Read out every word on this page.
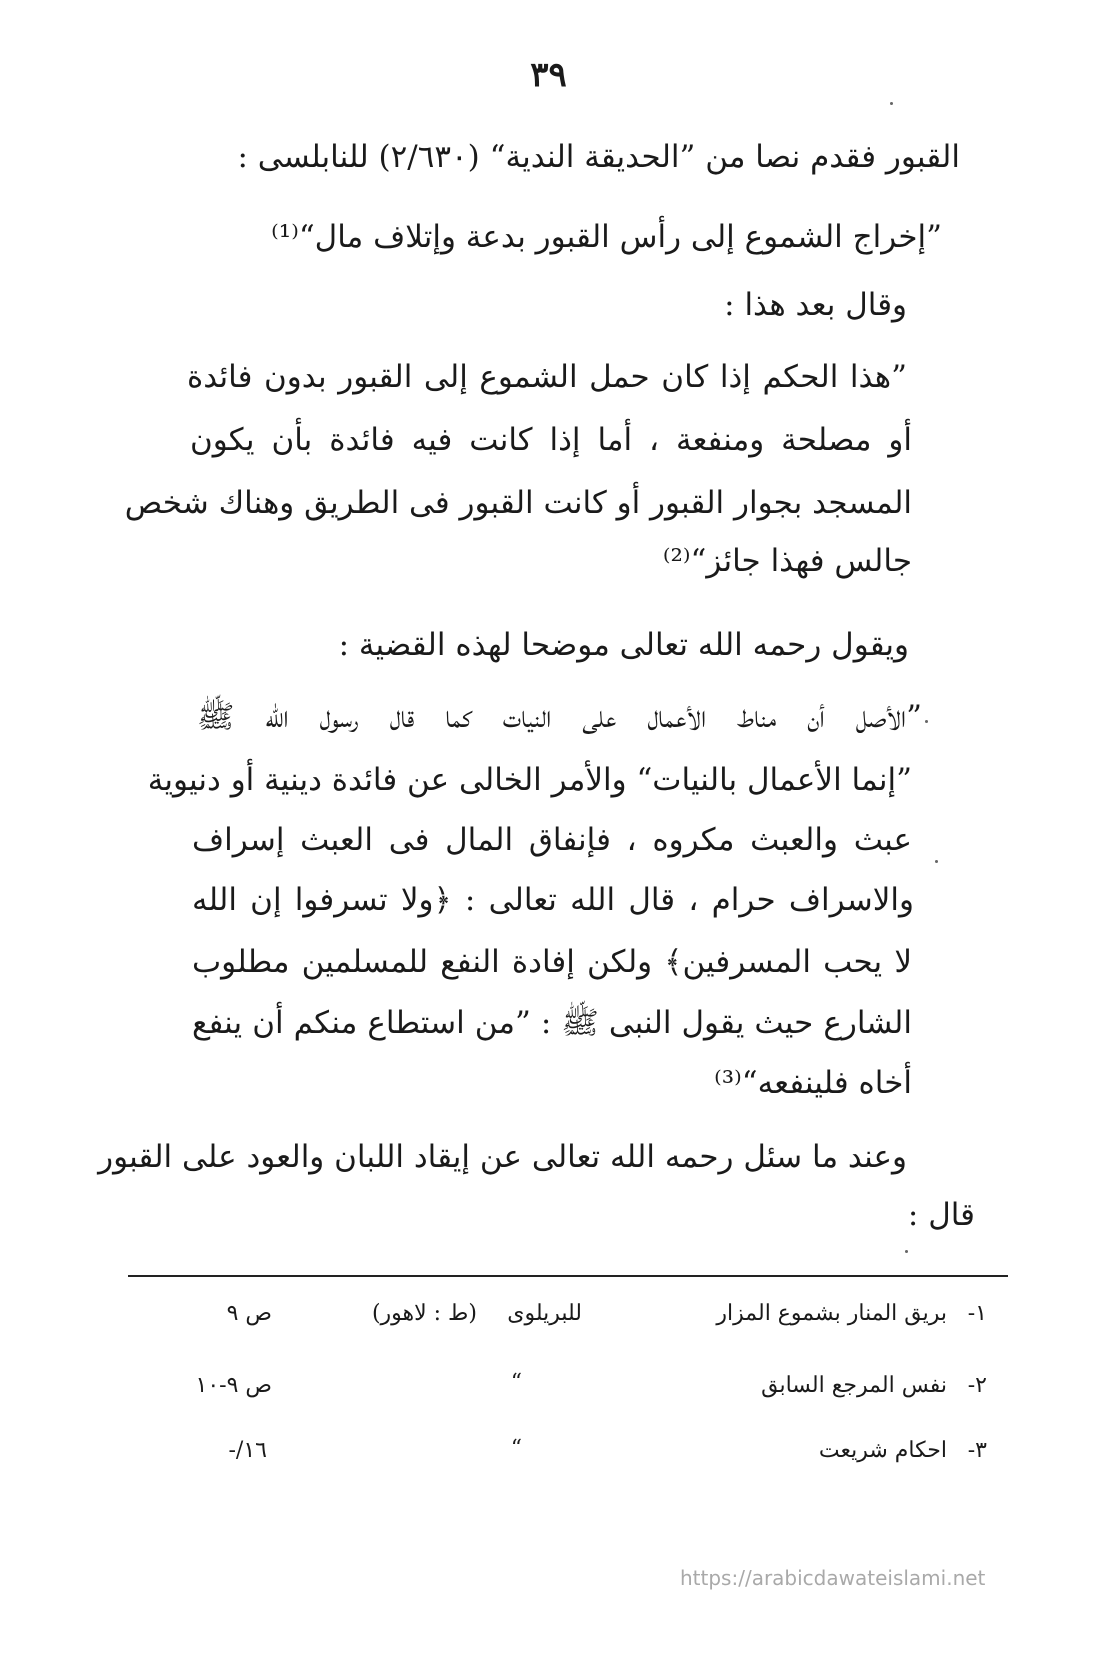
٣٩
القبور فقدم نصا من ”الحديقة الندية“ (٢/٦٣٠) للنابلسى :
”إخراج الشموع إلى رأس القبور بدعة وإتلاف مال“⁽¹⁾
وقال بعد هذا :
”هذا الحكم إذا كان حمل الشموع إلى القبور بدون فائدة
أو مصلحة ومنفعة ، أما إذا كانت فيه فائدة بأن يكون
المسجد بجوار القبور أو كانت القبور فى الطريق وهناك شخص
جالس فهذا جائز“⁽²⁾
ويقول رحمه الله تعالى موضحا لهذه القضية :
”الأصل أن مناط الأعمال على النيات كما قال رسول الله ﷺ
”إنما الأعمال بالنيات“ والأمر الخالى عن فائدة دينية أو دنيوية
عبث والعبث مكروه ، فإنفاق المال فى العبث إسراف
والاسراف حرام ، قال الله تعالى : ﴿ولا تسرفوا إن الله
لا يحب المسرفين﴾ ولكن إفادة النفع للمسلمين مطلوب
الشارع حيث يقول النبى ﷺ : ”من استطاع منكم أن ينفع
أخاه فلينفعه“⁽³⁾
وعند ما سئل رحمه الله تعالى عن إيقاد اللبان والعود على القبور
قال :
١-
بريق المنار بشموع المزار
للبريلوى
(ط : لاهور)
ص ٩
٢-
نفس المرجع السابق
“
ص ٩-١٠
٣-
احكام شريعت
“
١٦/-
https://arabicdawateislami.net
